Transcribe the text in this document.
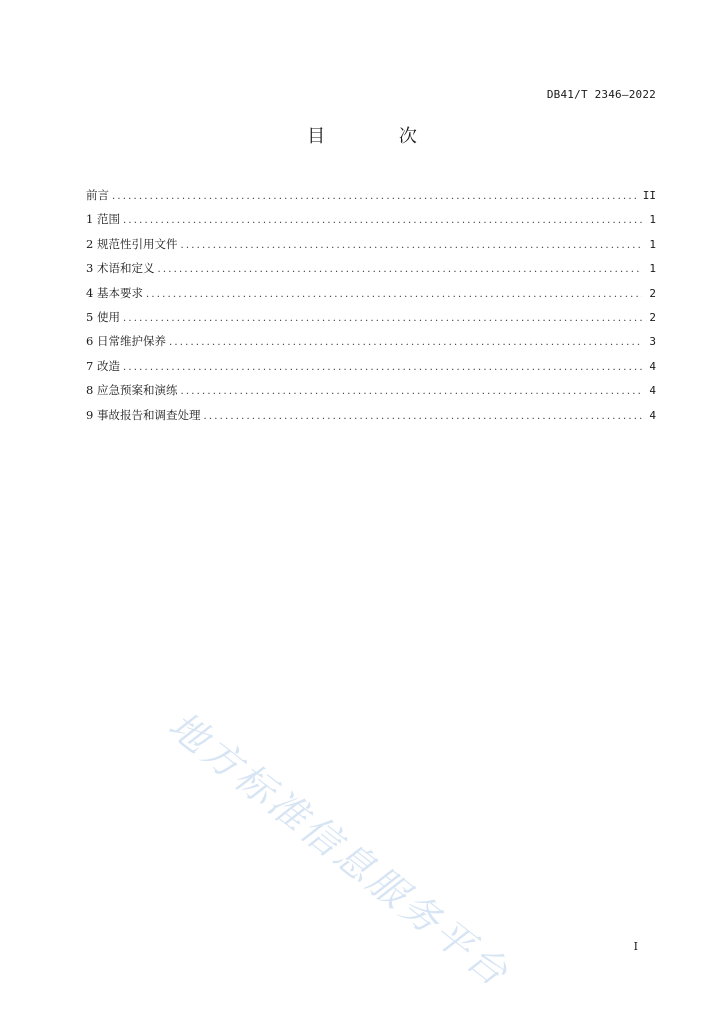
DB41/T 2346—2022
目 次
前言 .....	II
1 范围 .....	1
2 规范性引用文件 .....	1
3 术语和定义 .....	1
4 基本要求 .....	2
5 使用 .....	2
6 日常维护保养 .....	3
7 改造 .....	4
8 应急预案和演练 .....	4
9 事故报告和调查处理 .....	4
地方标准信息服务平台	I
